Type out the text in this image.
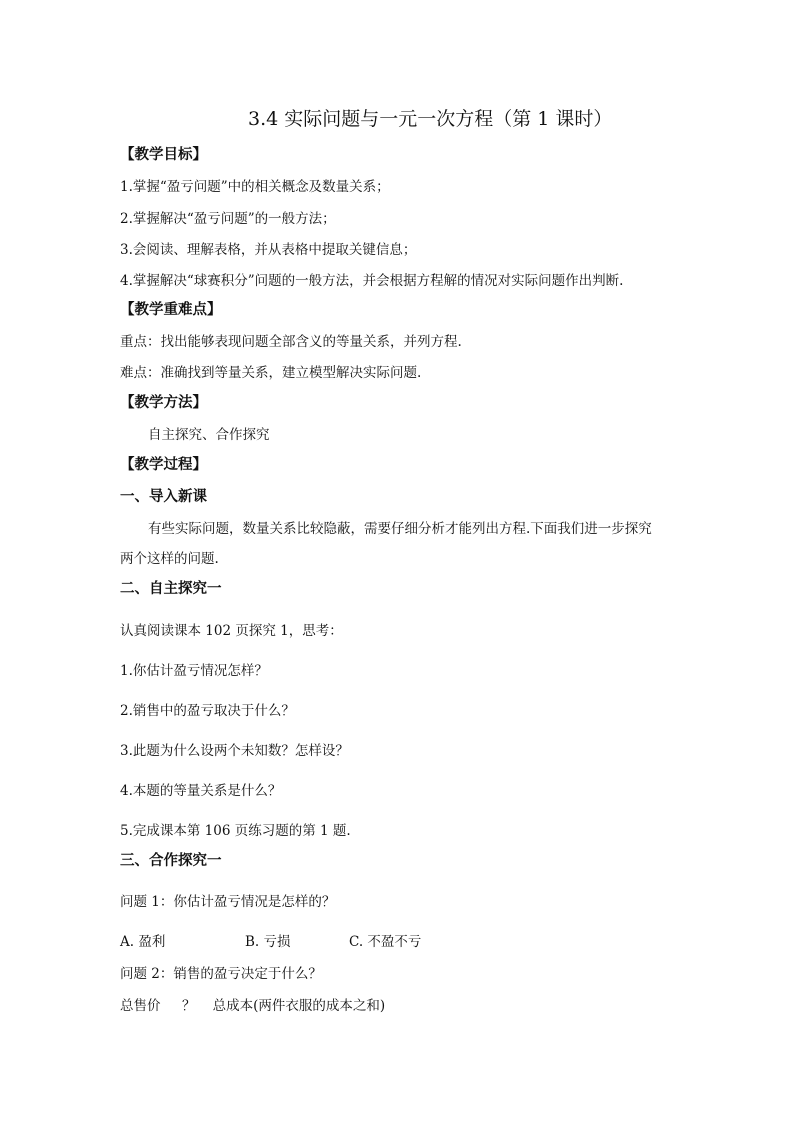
3.4 实际问题与一元一次方程（第 1 课时）
【教学目标】
1.掌握“盈亏问题”中的相关概念及数量关系；
2.掌握解决“盈亏问题”的一般方法；
3.会阅读、理解表格，并从表格中提取关键信息；
4.掌握解决“球赛积分”问题的一般方法，并会根据方程解的情况对实际问题作出判断.
【教学重难点】
重点：找出能够表现问题全部含义的等量关系，并列方程.
难点：准确找到等量关系，建立模型解决实际问题.
【教学方法】
自主探究、合作探究
【教学过程】
一、导入新课
有些实际问题，数量关系比较隐蔽，需要仔细分析才能列出方程.下面我们进一步探究
两个这样的问题.
二、自主探究一
认真阅读课本 102 页探究 1，思考：
1.你估计盈亏情况怎样？
2.销售中的盈亏取决于什么？
3.此题为什么设两个未知数？怎样设？
4.本题的等量关系是什么？
5.完成课本第 106 页练习题的第 1 题.
三、合作探究一
问题 1：你估计盈亏情况是怎样的？
A. 盈利	B. 亏损	C. 不盈不亏
问题 2：销售的盈亏决定于什么？
总售价     ？    总成本(两件衣服的成本之和)
